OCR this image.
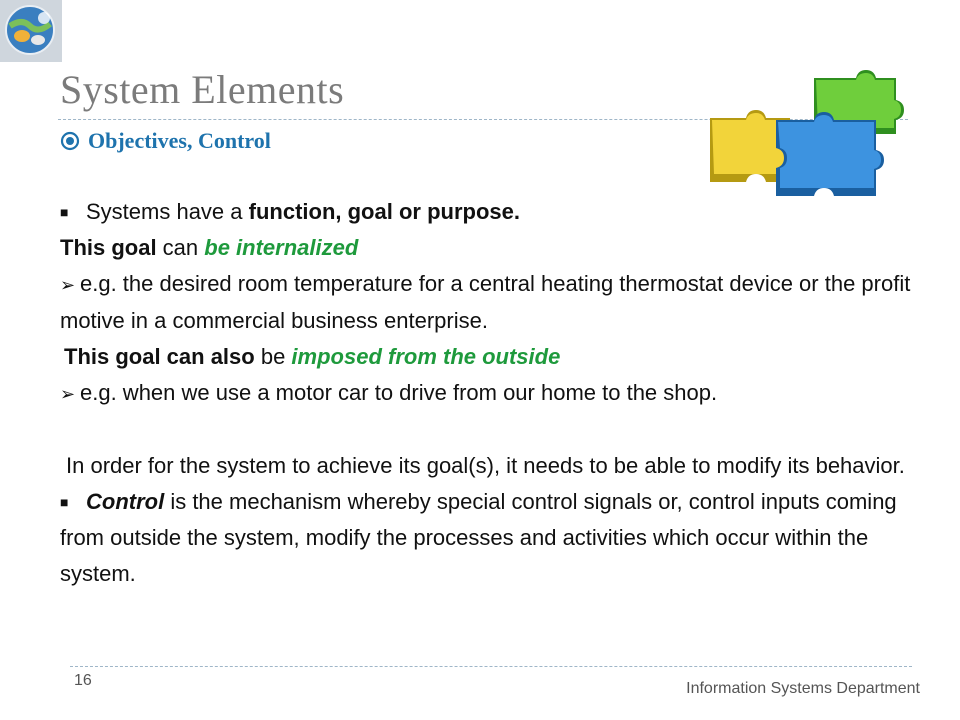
System Elements
Objectives, Control
■ Systems have a function, goal or purpose.
This goal can be internalized
➢ e.g. the desired room temperature for a central heating thermostat device or the profit motive in a commercial business enterprise.
This goal can also be imposed from the outside
➢ e.g. when we use a motor car to drive from our home to the shop.
In order for the system to achieve its goal(s), it needs to be able to modify its behavior.
■ Control is the mechanism whereby special control signals or, control inputs coming from outside the system, modify the processes and activities which occur within the system.
16	Information Systems Department
